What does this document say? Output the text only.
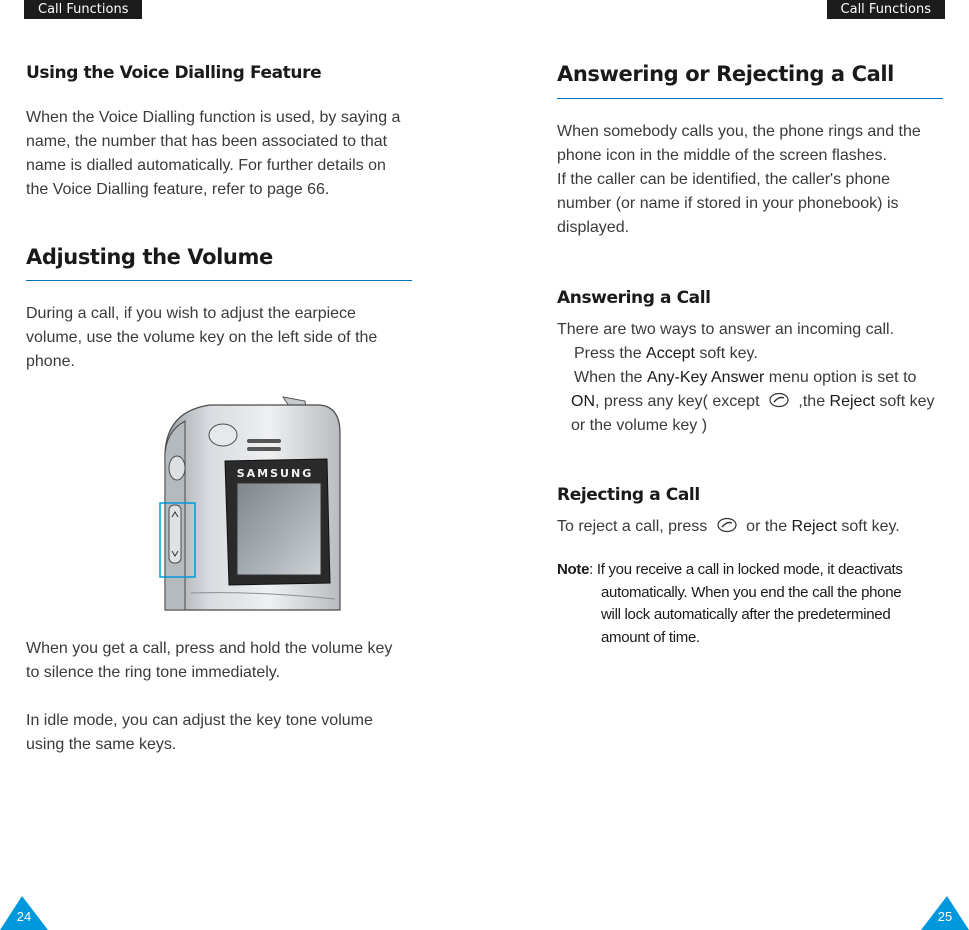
Call Functions	Call Functions
Using the Voice Dialling Feature

When the Voice Dialling function is used, by saying a
name, the number that has been associated to that
name is dialled automatically. For further details on
the Voice Dialling feature, refer to page 66.

Adjusting the Volume

During a call, if you wish to adjust the earpiece
volume, use the volume key on the left side of the
phone.

SAMSUNG

When you get a call, press and hold the volume key
to silence the ring tone immediately.

In idle mode, you can adjust the key tone volume
using the same keys.

24
Answering or Rejecting a Call

When somebody calls you, the phone rings and the
phone icon in the middle of the screen flashes.
If the caller can be identified, the caller's phone
number (or name if stored in your phonebook) is
displayed.

Answering a Call

There are two ways to answer an incoming call.
Press the Accept soft key.
When the Any-Key Answer menu option is set to
ON, press any key( except  ,the Reject soft key
or the volume key )

Rejecting a Call

To reject a call, press  or the Reject soft key.

Note: If you receive a call in locked mode, it deactivats
automatically. When you end the call the phone
will lock automatically after the predetermined
amount of time.

25
